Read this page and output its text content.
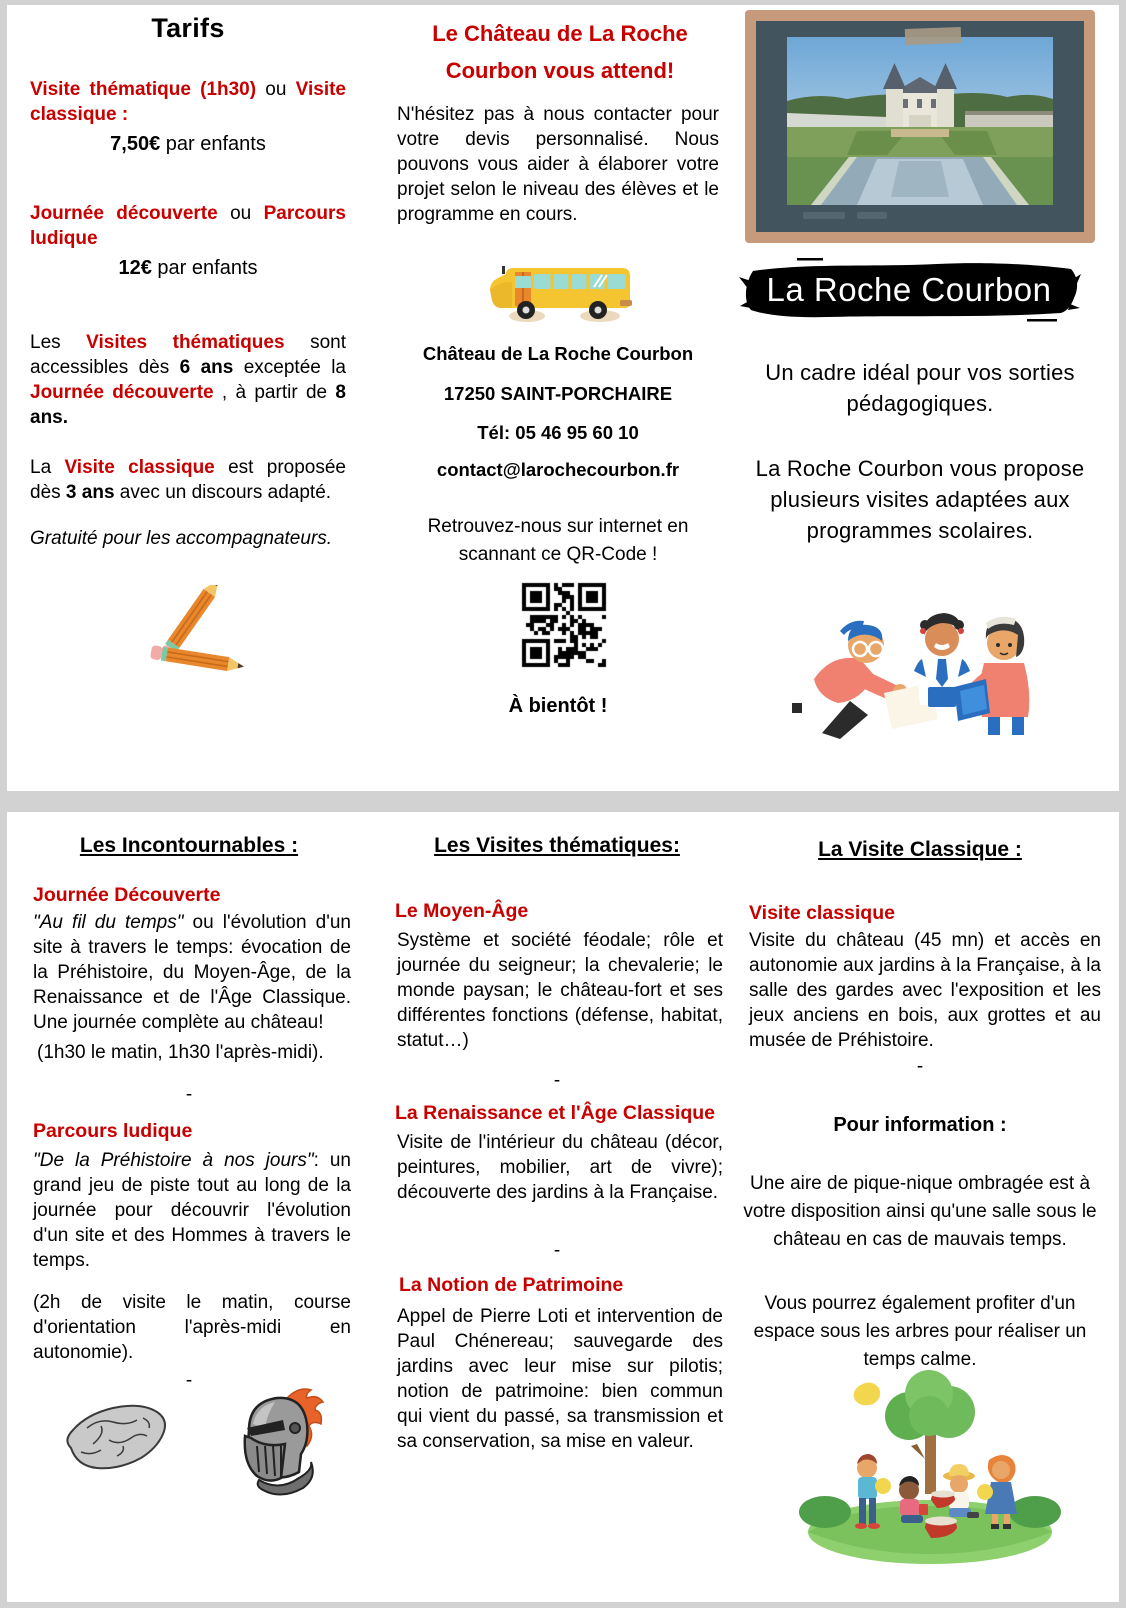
Tarifs
Visite thématique (1h30) ou Visite classique :
7,50€ par enfants
Journée découverte ou Parcours ludique
12€ par enfants
Les Visites thématiques sont accessibles dès 6 ans exceptée la Journée découverte , à partir de 8 ans.
La Visite classique est proposée dès 3 ans avec un discours adapté.
Gratuité pour les accompagnateurs.
Le Château de La Roche
Courbon vous attend!
N'hésitez pas à nous contacter pour votre devis personnalisé. Nous pouvons vous aider à élaborer votre projet selon le niveau des élèves et le programme en cours.
Château de La Roche Courbon
17250 SAINT-PORCHAIRE
Tél: 05 46 95 60 10
contact@larochecourbon.fr
Retrouvez-nous sur internet en scannant ce QR-Code !
À bientôt !
La Roche Courbon
Un cadre idéal pour vos sorties pédagogiques.
La Roche Courbon vous propose plusieurs visites adaptées aux programmes scolaires.
Les Incontournables :
Journée Découverte
"Au fil du temps" ou l'évolution d'un site à travers le temps: évocation de la Préhistoire, du Moyen-Âge, de la Renaissance et de l'Âge Classique. Une journée complète au château!
(1h30 le matin, 1h30 l'après-midi).
-
Parcours ludique
"De la Préhistoire à nos jours": un grand jeu de piste tout au long de la journée pour découvrir l'évolution d'un site et des Hommes à travers le temps.
(2h de visite le matin, course d'orientation l'après-midi en autonomie).
-
Les Visites thématiques:
Le Moyen-Âge
Système et société féodale; rôle et journée du seigneur; la chevalerie; le monde paysan; le château-fort et ses différentes fonctions (défense, habitat, statut…)
-
La Renaissance et l'Âge Classique
Visite de l'intérieur du château (décor, peintures, mobilier, art de vivre); découverte des jardins à la Française.
-
La Notion de Patrimoine
Appel de Pierre Loti et intervention de Paul Chénereau; sauvegarde des jardins avec leur mise sur pilotis; notion de patrimoine: bien commun qui vient du passé, sa transmission et sa conservation, sa mise en valeur.
La Visite Classique :
Visite classique
Visite du château (45 mn) et accès en autonomie aux jardins à la Française, à la salle des gardes avec l'exposition et les jeux anciens en bois, aux grottes et au musée de Préhistoire.
-
Pour information :
Une aire de pique-nique ombragée est à votre disposition ainsi qu'une salle sous le château en cas de mauvais temps.
Vous pourrez également profiter d'un espace sous les arbres pour réaliser un temps calme.
